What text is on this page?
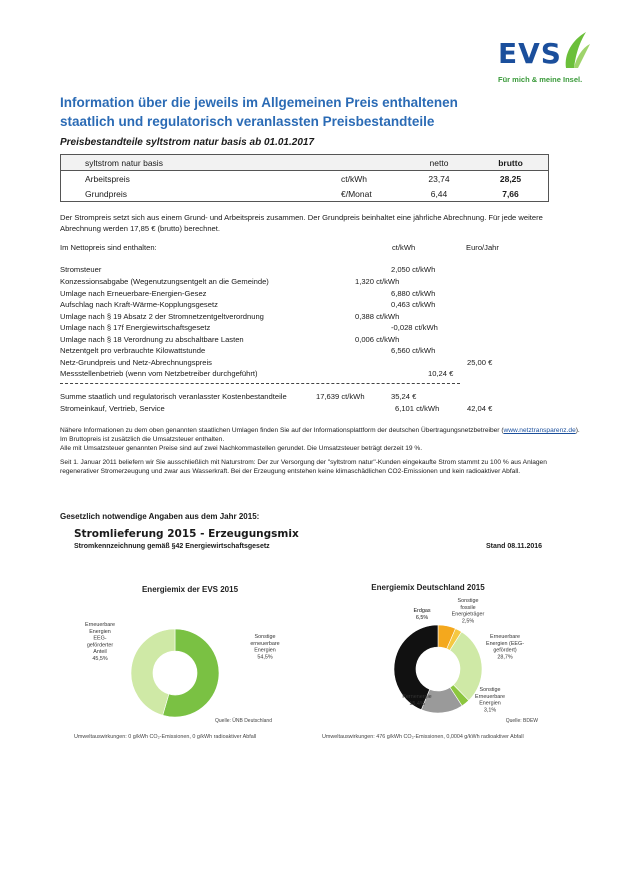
EVS
Für mich & meine Insel.
Information über die jeweils im Allgemeinen Preis enthaltenen staatlich und regulatorisch veranlassten Preisbestandteile
Preisbestandteile syltstrom natur basis ab 01.01.2017
syltstrom natur basis		netto	brutto
Arbeitspreis	ct/kWh	23,74	28,25
Grundpreis	€/Monat	6,44	7,66
Der Strompreis setzt sich aus einem Grund- und Arbeitspreis zusammen. Der Grundpreis beinhaltet eine jährliche Abrechnung. Für jede weitere Abrechnung werden 17,85 € (brutto) berechnet.
Im Nettopreis sind enthalten:	ct/kWh	Euro/Jahr
Stromsteuer	2,050 ct/kWh
Konzessionsabgabe (Wegenutzungsentgelt an die Gemeinde)	1,320 ct/kWh
Umlage nach Erneuerbare-Energien-Gesez	6,880 ct/kWh
Aufschlag nach Kraft-Wärme-Kopplungsgesetz	0,463 ct/kWh
Umlage nach § 19 Absatz 2 der Stromnetzentgeltverordnung	0,388 ct/kWh
Umlage nach § 17f Energiewirtschaftsgesetz	-0,028 ct/kWh
Umlage nach § 18 Verordnung zu abschaltbare Lasten	0,006 ct/kWh
Netzentgelt pro verbrauchte Kilowattstunde	6,560 ct/kWh
Netz-Grundpreis und Netz-Abrechnungspreis	25,00 €
Messstellenbetrieb (wenn vom Netzbetreiber durchgeführt)	10,24 €
Summe staatlich und regulatorisch veranlasster Kostenbestandteile	17,639 ct/kWh	35,24 €
Stromeinkauf, Vertrieb, Service	6,101 ct/kWh	42,04 €
Nähere Informationen zu dem oben genannten staatlichen Umlagen finden Sie auf der Informationsplattform der deutschen Übertragungsnetzbetreiber (www.netztransparenz.de).
Im Bruttopreis ist zusätzlich die Umsatzsteuer enthalten.
Alle mit Umsatzsteuer genannten Preise sind auf zwei Nachkommastellen gerundet. Die Umsatzsteuer beträgt derzeit 19 %.
Seit 1. Januar 2011 beliefern wir Sie ausschließlich mit Naturstrom: Der zur Versorgung der "syltstrom natur"-Kunden eingekaufte Strom stammt zu 100 % aus Anlagen regenerativer Stromerzeugung und zwar aus Wasserkraft. Bei der Erzeugung entstehen keine klimaschädlichen CO2-Emissionen und kein radioaktiver Abfall.
Gesetzlich notwendige Angaben aus dem Jahr 2015:
Stromlieferung 2015 - Erzeugungsmix
Stromkennzeichnung gemäß §42 Energiewirtschaftsgesetz	Stand 08.11.2016
Energiemix der EVS 2015
Sonstige
erneuerbare
Energien
54,5%
Erneuerbare
Energien
EEG-
geförderter
Anteil
45,5%
Quelle: ÜNB Deutschland
Umweltauswirkungen: 0 g/kWh CO₂-Emissionen, 0 g/kWh radioaktiver Abfall
Energiemix Deutschland 2015
Erdgas
6,5%
Sonstige
fossile
Energieträger
2,5%
Erneuerbare
Energien (EEG-
gefördert)
28,7%
Sonstige
Erneuerbare
Energien
3,1%
Kernenergie
15,4%
Kohle
43,8%
Quelle: BDEW
Umweltauswirkungen: 476 g/kWh CO₂-Emissionen, 0,0004 g/kWh radioaktiver Abfall
